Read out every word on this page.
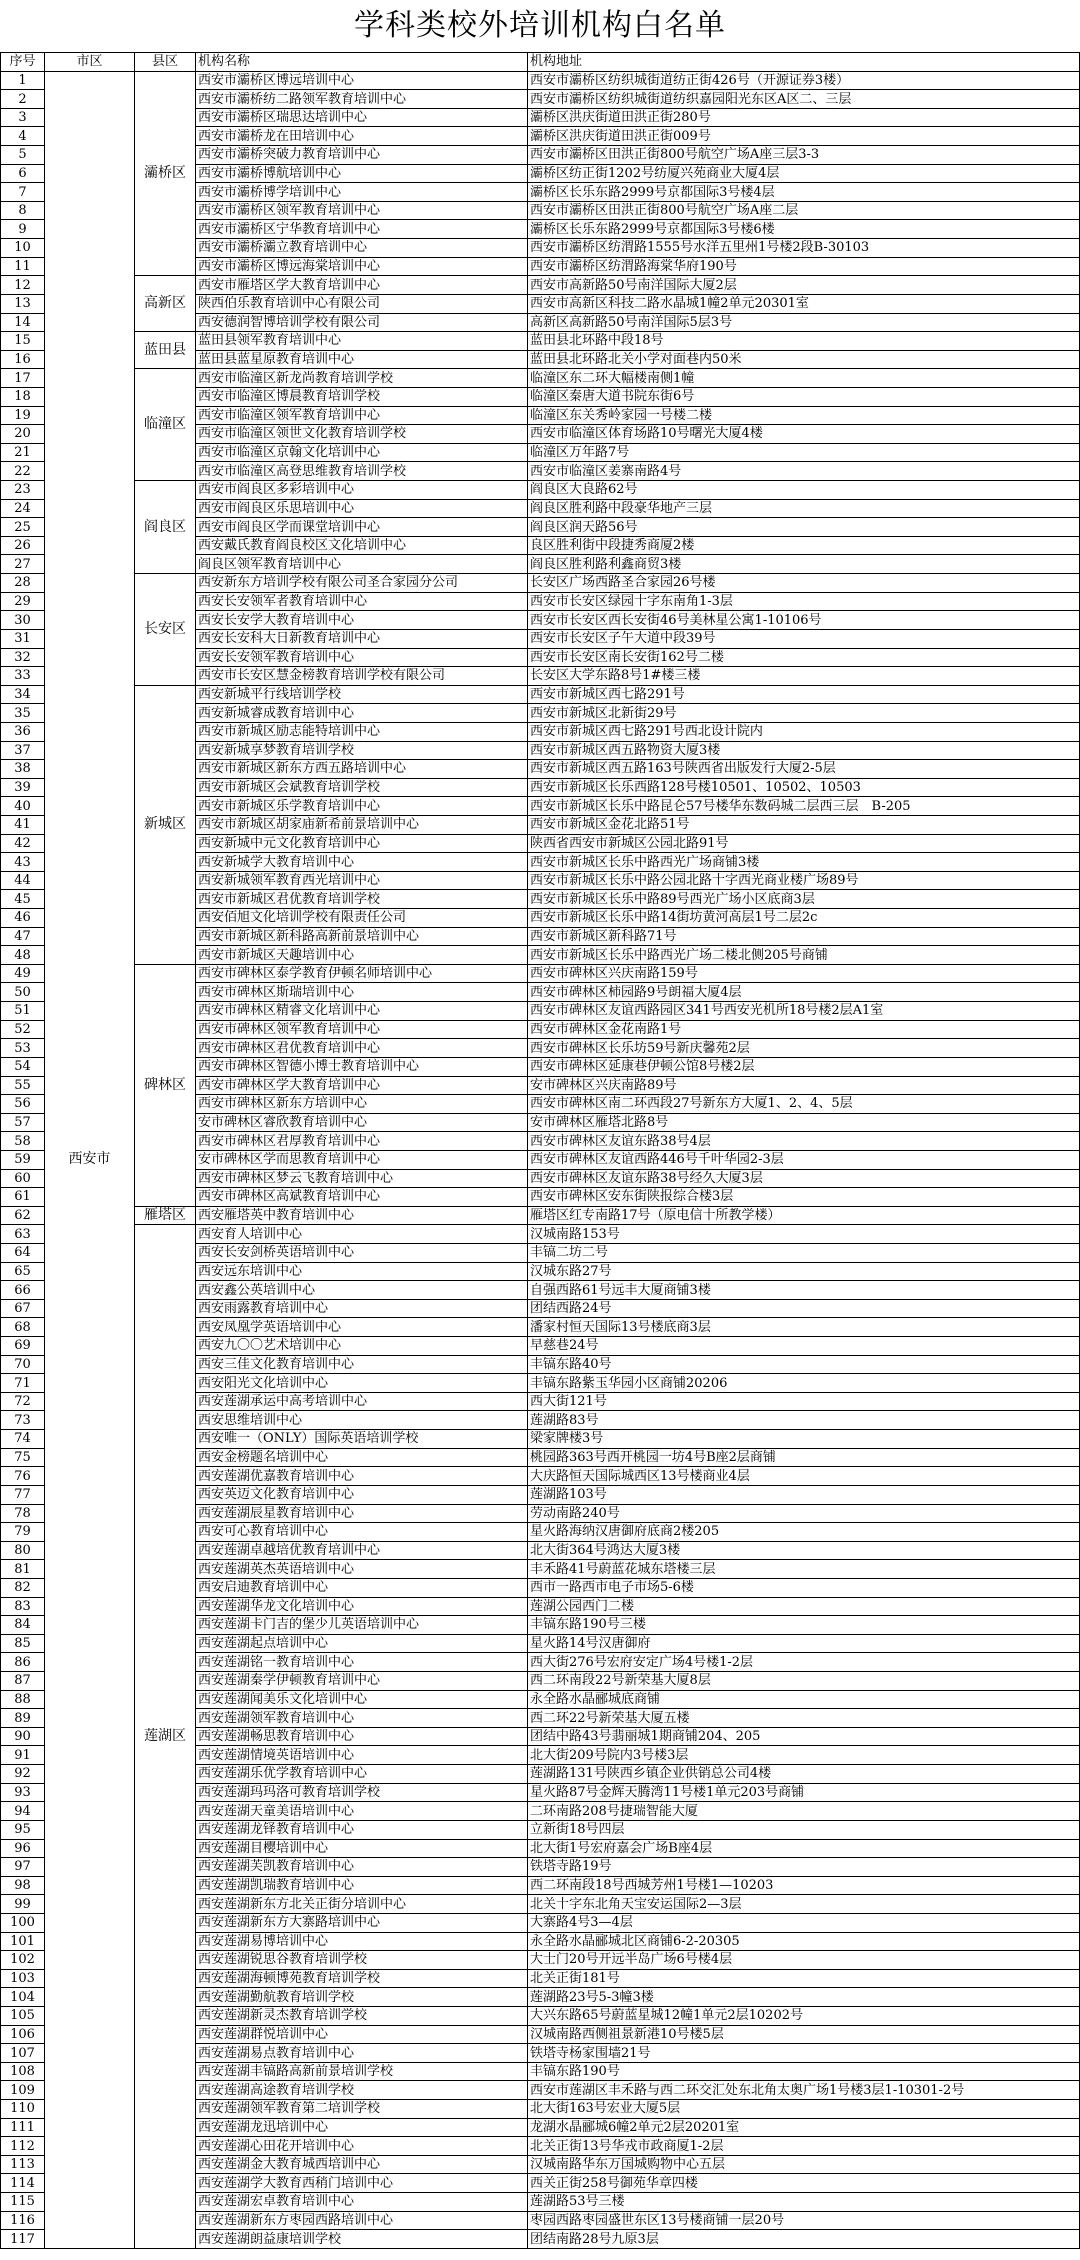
学科类校外培训机构白名单
序号	市区	县区	机构名称	机构地址
1	西安市	灞桥区	西安市灞桥区博远培训中心	西安市灞桥区纺织城街道纺正街426号（开源证券3楼）
2			西安市灞桥纺二路领军教育培训中心	西安市灞桥区纺织城街道纺织嘉园阳光东区A区二、三层
3			西安市灞桥区瑞思达培训中心	灞桥区洪庆街道田洪正街280号
4			西安市灞桥龙在田培训中心	灞桥区洪庆街道田洪正街009号
5			西安市灞桥突破力教育培训中心	西安市灞桥区田洪正街800号航空广场A座三层3-3
6			西安市灞桥博航培训中心	灞桥区纺正街1202号纺厦兴苑商业大厦4层
7			西安市灞桥博学培训中心	灞桥区长乐东路2999号京都国际3号楼4层
8			西安市灞桥区领军教育培训中心	西安市灞桥区田洪正街800号航空广场A座二层
9			西安市灞桥区宁华教育培训中心	灞桥区长乐东路2999号京都国际3号楼6楼
10			西安市灞桥灞立教育培训中心	西安市灞桥区纺渭路1555号水洋五里州1号楼2段B-30103
11			西安市灞桥区博远海棠培训中心	西安市灞桥区纺渭路海棠华府190号
12		高新区	西安市雁塔区学大教育培训中心	西安市高新路50号南洋国际大厦2层
13			陕西伯乐教育培训中心有限公司	西安市高新区科技二路水晶城1幢2单元20301室
14			西安德润智博培训学校有限公司	高新区高新路50号南洋国际5层3号
15		蓝田县	蓝田县领军教育培训中心	蓝田县北环路中段18号
16			蓝田县蓝星原教育培训中心	蓝田县北环路北关小学对面巷内50米
17		临潼区	西安市临潼区新龙尚教育培训学校	临潼区东二环大幅楼南侧1幢
18			西安市临潼区博晨教育培训学校	临潼区秦唐大道书院东街6号
19			西安市临潼区领军教育培训中心	临潼区东关秀岭家园一号楼二楼
20			西安市临潼区领世文化教育培训学校	西安市临潼区体育场路10号曙光大厦4楼
21			西安市临潼区京翰文化培训中心	临潼区万年路7号
22			西安市临潼区高登思维教育培训学校	西安市临潼区姜寨南路4号
23		阎良区	西安市阎良区多彩培训中心	阎良区大良路62号
24			西安市阎良区乐思培训中心	阎良区胜利路中段豪华地产三层
25			西安市阎良区学而课堂培训中心	阎良区润天路56号
26			西安戴氏教育阎良校区文化培训中心	良区胜利街中段捷秀商厦2楼
27			阎良区领军教育培训中心	阎良区胜利路利鑫商贸3楼
28		长安区	西安新东方培训学校有限公司圣合家园分公司	长安区广场西路圣合家园26号楼
29			西安长安领军者教育培训中心	西安市长安区绿园十字东南角1-3层
30			西安长安学大教育培训中心	西安市长安区西长安街46号美林星公寓1-10106号
31			西安长安科大日新教育培训中心	西安市长安区子午大道中段39号
32			西安长安领军教育培训中心	西安市长安区南长安街162号二楼
33			西安市长安区慧金榜教育培训学校有限公司	长安区大学东路8号1#楼三楼
34		新城区	西安新城平行线培训学校	西安市新城区西七路291号
35			西安新城睿成教育培训中心	西安市新城区北新街29号
36			西安市新城区励志能特培训中心	西安市新城区西七路291号西北设计院内
37			西安新城享梦教育培训学校	西安市新城区西五路物资大厦3楼
38			西安市新城区新东方西五路培训中心	西安市新城区西五路163号陕西省出版发行大厦2-5层
39			西安市新城区会斌教育培训学校	西安市新城区长乐西路128号楼10501、10502、10503
40			西安市新城区乐学教育培训中心	西安市新城区长乐中路昆仑57号楼华东数码城二层西三层　B-205
41			西安市新城区胡家庙新希前景培训中心	西安市新城区金花北路51号
42			西安新城中元文化教育培训中心	陕西省西安市新城区公园北路91号
43			西安新城学大教育培训中心	西安市新城区长乐中路西光广场商铺3楼
44			西安新城领军教育西光培训中心	西安市新城区长乐中路公园北路十字西光商业楼广场89号
45			西安市新城区君优教育培训学校	西安市新城区长乐中路89号西光广场小区底商3层
46			西安佰旭文化培训学校有限责任公司	西安市新城区长乐中路14街坊黄河高层1号二层2c
47			西安市新城区新科路高新前景培训中心	西安市新城区新科路71号
48			西安市新城区天趣培训中心	西安市新城区长乐中路西光广场二楼北侧205号商铺
49		碑林区	西安市碑林区泰学教育伊顿名师培训中心	西安市碑林区兴庆南路159号
50			西安市碑林区斯瑞培训中心	西安市碑林区柿园路9号朗福大厦4层
51			西安市碑林区精睿文化培训中心	西安市碑林区友谊西路园区341号西安光机所18号楼2层A1室
52			西安市碑林区领军教育培训中心	西安市碑林区金花南路1号
53			西安市碑林区君优教育培训中心	西安市碑林区长乐坊59号新庆馨苑2层
54			西安市碑林区智德小博士教育培训中心	西安市碑林区延康巷伊顿公馆8号楼2层
55			西安市碑林区学大教育培训中心	安市碑林区兴庆南路89号
56			西安市碑林区新东方培训中心	西安市碑林区南二环西段27号新东方大厦1、2、4、5层
57			安市碑林区睿欣教育培训中心	安市碑林区雁塔北路8号
58			西安市碑林区君厚教育培训中心	西安市碑林区友谊东路38号4层
59			安市碑林区学而思教育培训中心	西安市碑林区友谊西路446号千叶华园2-3层
60			西安市碑林区梦云飞教育培训中心	西安市碑林区友谊东路38号经久大厦3层
61			西安市碑林区高斌教育培训中心	西安市碑林区安东街陕报综合楼3层
62		雁塔区	西安雁塔英中教育培训中心	雁塔区红专南路17号（原电信十所教学楼）
63		莲湖区	西安育人培训中心	汉城南路153号
64			西安长安剑桥英语培训中心	丰镐二坊二号
65			西安远东培训中心	汉城东路27号
66			西安鑫公英培训中心	自强西路61号远丰大厦商铺3楼
67			西安雨露教育培训中心	团结西路24号
68			西安凤凰学英语培训中心	潘家村恒天国际13号楼底商3层
69			西安九〇〇艺术培训中心	早慈巷24号
70			西安三佳文化教育培训中心	丰镐东路40号
71			西安阳光文化培训中心	丰镐东路紫玉华园小区商铺20206
72			西安莲湖承运中高考培训中心	西大街121号
73			西安思维培训中心	莲湖路83号
74			西安唯一（ONLY）国际英语培训学校	梁家牌楼3号
75			西安金榜题名培训中心	桃园路363号西开桃园一坊4号B座2层商铺
76			西安莲湖优嘉教育培训中心	大庆路恒天国际城西区13号楼商业4层
77			西安英迈文化教育培训中心	莲湖路103号
78			西安莲湖辰星教育培训中心	劳动南路240号
79			西安可心教育培训中心	星火路海纳汉唐御府底商2楼205
80			西安莲湖卓越培优教育培训中心	北大街364号鸿达大厦3楼
81			西安莲湖英杰英语培训中心	丰禾路41号蔚蓝花城东塔楼三层
82			西安启迪教育培训中心	西市一路西市电子市场5-6楼
83			西安莲湖华龙文化培训中心	莲湖公园西门二楼
84			西安莲湖卡门吉的堡少儿英语培训中心	丰镐东路190号三楼
85			西安莲湖起点培训中心	星火路14号汉唐御府
86			西安莲湖铭一教育培训中心	西大街276号宏府安定广场4号楼1-2层
87			西安莲湖秦学伊顿教育培训中心	西二环南段22号新荣基大厦8层
88			西安莲湖闻美乐文化培训中心	永全路水晶郦城底商铺
89			西安莲湖领军教育培训中心	西二环22号新荣基大厦五楼
90			西安莲湖畅思教育培训中心	团结中路43号翡丽城1期商铺204、205
91			西安莲湖情境英语培训中心	北大街209号院内3号楼3层
92			西安莲湖乐优学教育培训中心	莲湖路131号陕西乡镇企业供销总公司4楼
93			西安莲湖玛玛洛可教育培训学校	星火路87号金辉天腾湾11号楼1单元203号商铺
94			西安莲湖天童美语培训中心	二环南路208号捷瑞智能大厦
95			西安莲湖龙铎教育培训中心	立新街18号四层
96			西安莲湖目樱培训中心	北大街1号宏府嘉会广场B座4层
97			西安莲湖芙凯教育培训中心	铁塔寺路19号
98			西安莲湖凯瑞教育培训中心	西二环南段18号西城芳州1号楼1—10203
99			西安莲湖新东方北关正街分培训中心	北关十字东北角天宝安运国际2—3层
100			西安莲湖新东方大寨路培训中心	大寨路4号3—4层
101			西安莲湖易博培训中心	永全路水晶郦城北区商铺6-2-20305
102			西安莲湖锐思谷教育培训学校	大士门20号开远半岛广场6号楼4层
103			西安莲湖海顿博苑教育培训学校	北关正街181号
104			西安莲湖勤航教育培训学校	莲湖路23号5-3幢3楼
105			西安莲湖新灵杰教育培训学校	大兴东路65号蔚蓝星城12幢1单元2层10202号
106			西安莲湖群悦培训中心	汉城南路西侧祖景新港10号楼5层
107			西安莲湖易点教育培训中心	铁塔寺杨家围墙21号
108			西安莲湖丰镐路高新前景培训学校	丰镐东路190号
109			西安莲湖高途教育培训学校	西安市莲湖区丰禾路与西二环交汇处东北角太奥广场1号楼3层1-10301-2号
110			西安莲湖领军教育第二培训学校	北大街163号宏业大厦5层
111			西安莲湖龙迅培训中心	龙湖水晶郦城6幢2单元2层20201室
112			西安莲湖心田花开培训中心	北关正街13号华戎市政商厦1-2层
113			西安莲湖金大教育城西培训中心	汉城南路华东万国城购物中心五层
114			西安莲湖学大教育西稍门培训中心	西关正街258号御苑华章四楼
115			西安莲湖宏卓教育培训中心	莲湖路53号三楼
116			西安莲湖新东方枣园西路培训中心	枣园西路枣园盛世东区13号楼商铺一层20号
117			西安莲湖朗益康培训学校	团结南路28号九原3层
